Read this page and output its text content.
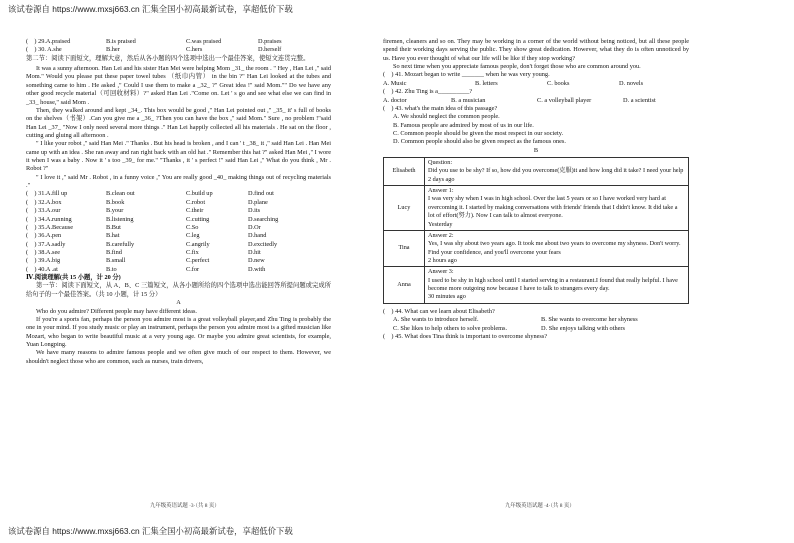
该试卷源自 https://www.mxsj663.cn 汇集全国小初高最新试卷，享超低价下载
(　) 29.A.praised	B.is praised	C.was praised	D.praises
(　) 30. A.she	B.her	C.hers	D.herself

第二节：阅读下面短文，理解大意，然后从各小题的四个选项中选出一个最佳答案，使短文连贯完整。

It was a sunny afternoon. Han Lei and his sister Han Mei were helping Mom _31_ the room . " Hey , Han Lei ," said Mom." Would you please put these paper towel tubes （纸巾内管） in the bin ?" Han Lei looked at the tubes and something came to him . He asked ," Could I use them to make a _32_ ?" Great idea !" said Mom."" Do we have any other good recycle material（可回收材料）?" asked Han Lei ."Come on. Let ' s go and see what else we can find in _33_ house," said Mom .

Then, they walked around and kept _34_. This box would be good ," Han Lei pointed out ," _35_ it' s full of books on the shelves（书架）.Can you give me a _36_ ?Then you can have the box ," said Mom." Sure , no problem !"said Han Lei _37_ "Now I only need several more things ." Han Lei happily collected all his materials . He sat on the floor , cutting and gluing all afternoon .

" I like your robot ," said Han Mei ." Thanks . But his head is broken , and I can ' t _38_ it ," said Han Lei . Han Mei came up with an idea . She ran away and ran right back with an old hat ." Remember this hat ?" asked Han Mei ," I wore it when I was a baby . Now it ' s too _39_ for me." "Thanks , it ' s perfect !" said Han Lei ," What do you think , Mr . Robot ?"

" I love it ," said Mr . Robot , in a funny voice ," You are really good _40_ making things out of recycling materials ."

(　) 31.A.fill up	B.clean out	C.build up	D.find out
(　) 32.A.box	B.book	C.robot	D.plane
(　) 33.A.our	B.your	C.their	D.its
(　) 34.A.running	B.listening	C.cutting	D.searching
(　) 35.A.Because	B.But	C.So	D.Or
(　) 36.A.pen	B.hat	C.leg	D.hand
(　) 37.A.sadly	B.carefully	C.angrily	D.excitedly
(　) 38.A.see	B.find	C.fix	D.hit
(　) 39.A.big	B.small	C.perfect	D.new
(　) 40.A .at	B.to	C.for	D.with

Ⅳ.阅读理解(共 15 小题，计 20 分)

第一节：阅读下面短文，从 A、B、C 三篇短文，从各小题所给的四个选项中选出能回答所提问题或完成所给句子的一个最佳答案。（共 10 小题，计 15 分）

A

Who do you admire? Different people may have different ideas.

If you're a sports fan, perhaps the person you admire most is a great volleyball player,and Zhu Ting is probably the one in your mind. If you study music or play an instrument, perhaps the person you admire most is a gifted musician like Mozart, who began to write beautiful music at a very young age. Or maybe you admire great scientists, for example, Yuan Longping.

We have many reasons to admire famous people and we often give much of our respect to them. However, we shouldn't neglect those who are common, such as nurses, train drivers,

九年级英语试题 ·3·（共 8 页）

firemen, cleaners and so on. They may be working in a corner of the world without being noticed, but all these people spend their working days serving the public. They show great dedication. However, what they do is often unnoticed by us. Have you ever thought of what our life will be like if they stop working?

So next time when you appreciate famous people, don't forget those who are common around you.

(　) 41. Mozart began to write _______ when he was very young.

A. Music	B. letters	C. books	D. novels

(　) 42. Zhu Ting is a__________?

A. doctor	B. a musician	C. a volleyball player	D. a scientist

(　) 43. what's the main idea of this passage?

A. We should neglect the common people.

B. Famous people are admired by most of us in our life.

C. Common people should be given the most respect in our society.

D. Common people should also be given respect as the famous ones.

B

Elisabeth	Question:
Did you use to be shy? If so, how did you overcome(克服)it and how long did it take? I need your help
2 days ago

Lucy	Answer 1:
I was very shy when I was in high school. Over the last 5 years or so I have worked very hard at overcoming it. I started by making conversations with friends' friends that I didn't know. It did take a lot of effort(努力). Now I can talk to almost everyone.
Yesterday

Tina	Answer 2:
Yes, I was shy about two years ago. It took me about two years to overcome my shyness. Don't worry. Find your confidence, and you'll overcome your fears
2 hours ago

Anna	Answer 3:
I used to be shy in high school until I started serving in a restaurant.I found that really helpful. I have become more outgoing now because I have to talk to strangers every day.
30 minutes ago

(　) 44. What can we learn about Elisabeth?

A. She wants to introduce herself.	B. She wants to overcome her shyness
C. She likes to help others to solve problems.	D. She enjoys talking with others

(　) 45. What does Tina think is important to overcome shyness?

九年级英语试题 ·4·（共 8 页）
该试卷源自 https://www.mxsj663.cn 汇集全国小初高最新试卷，享超低价下载
